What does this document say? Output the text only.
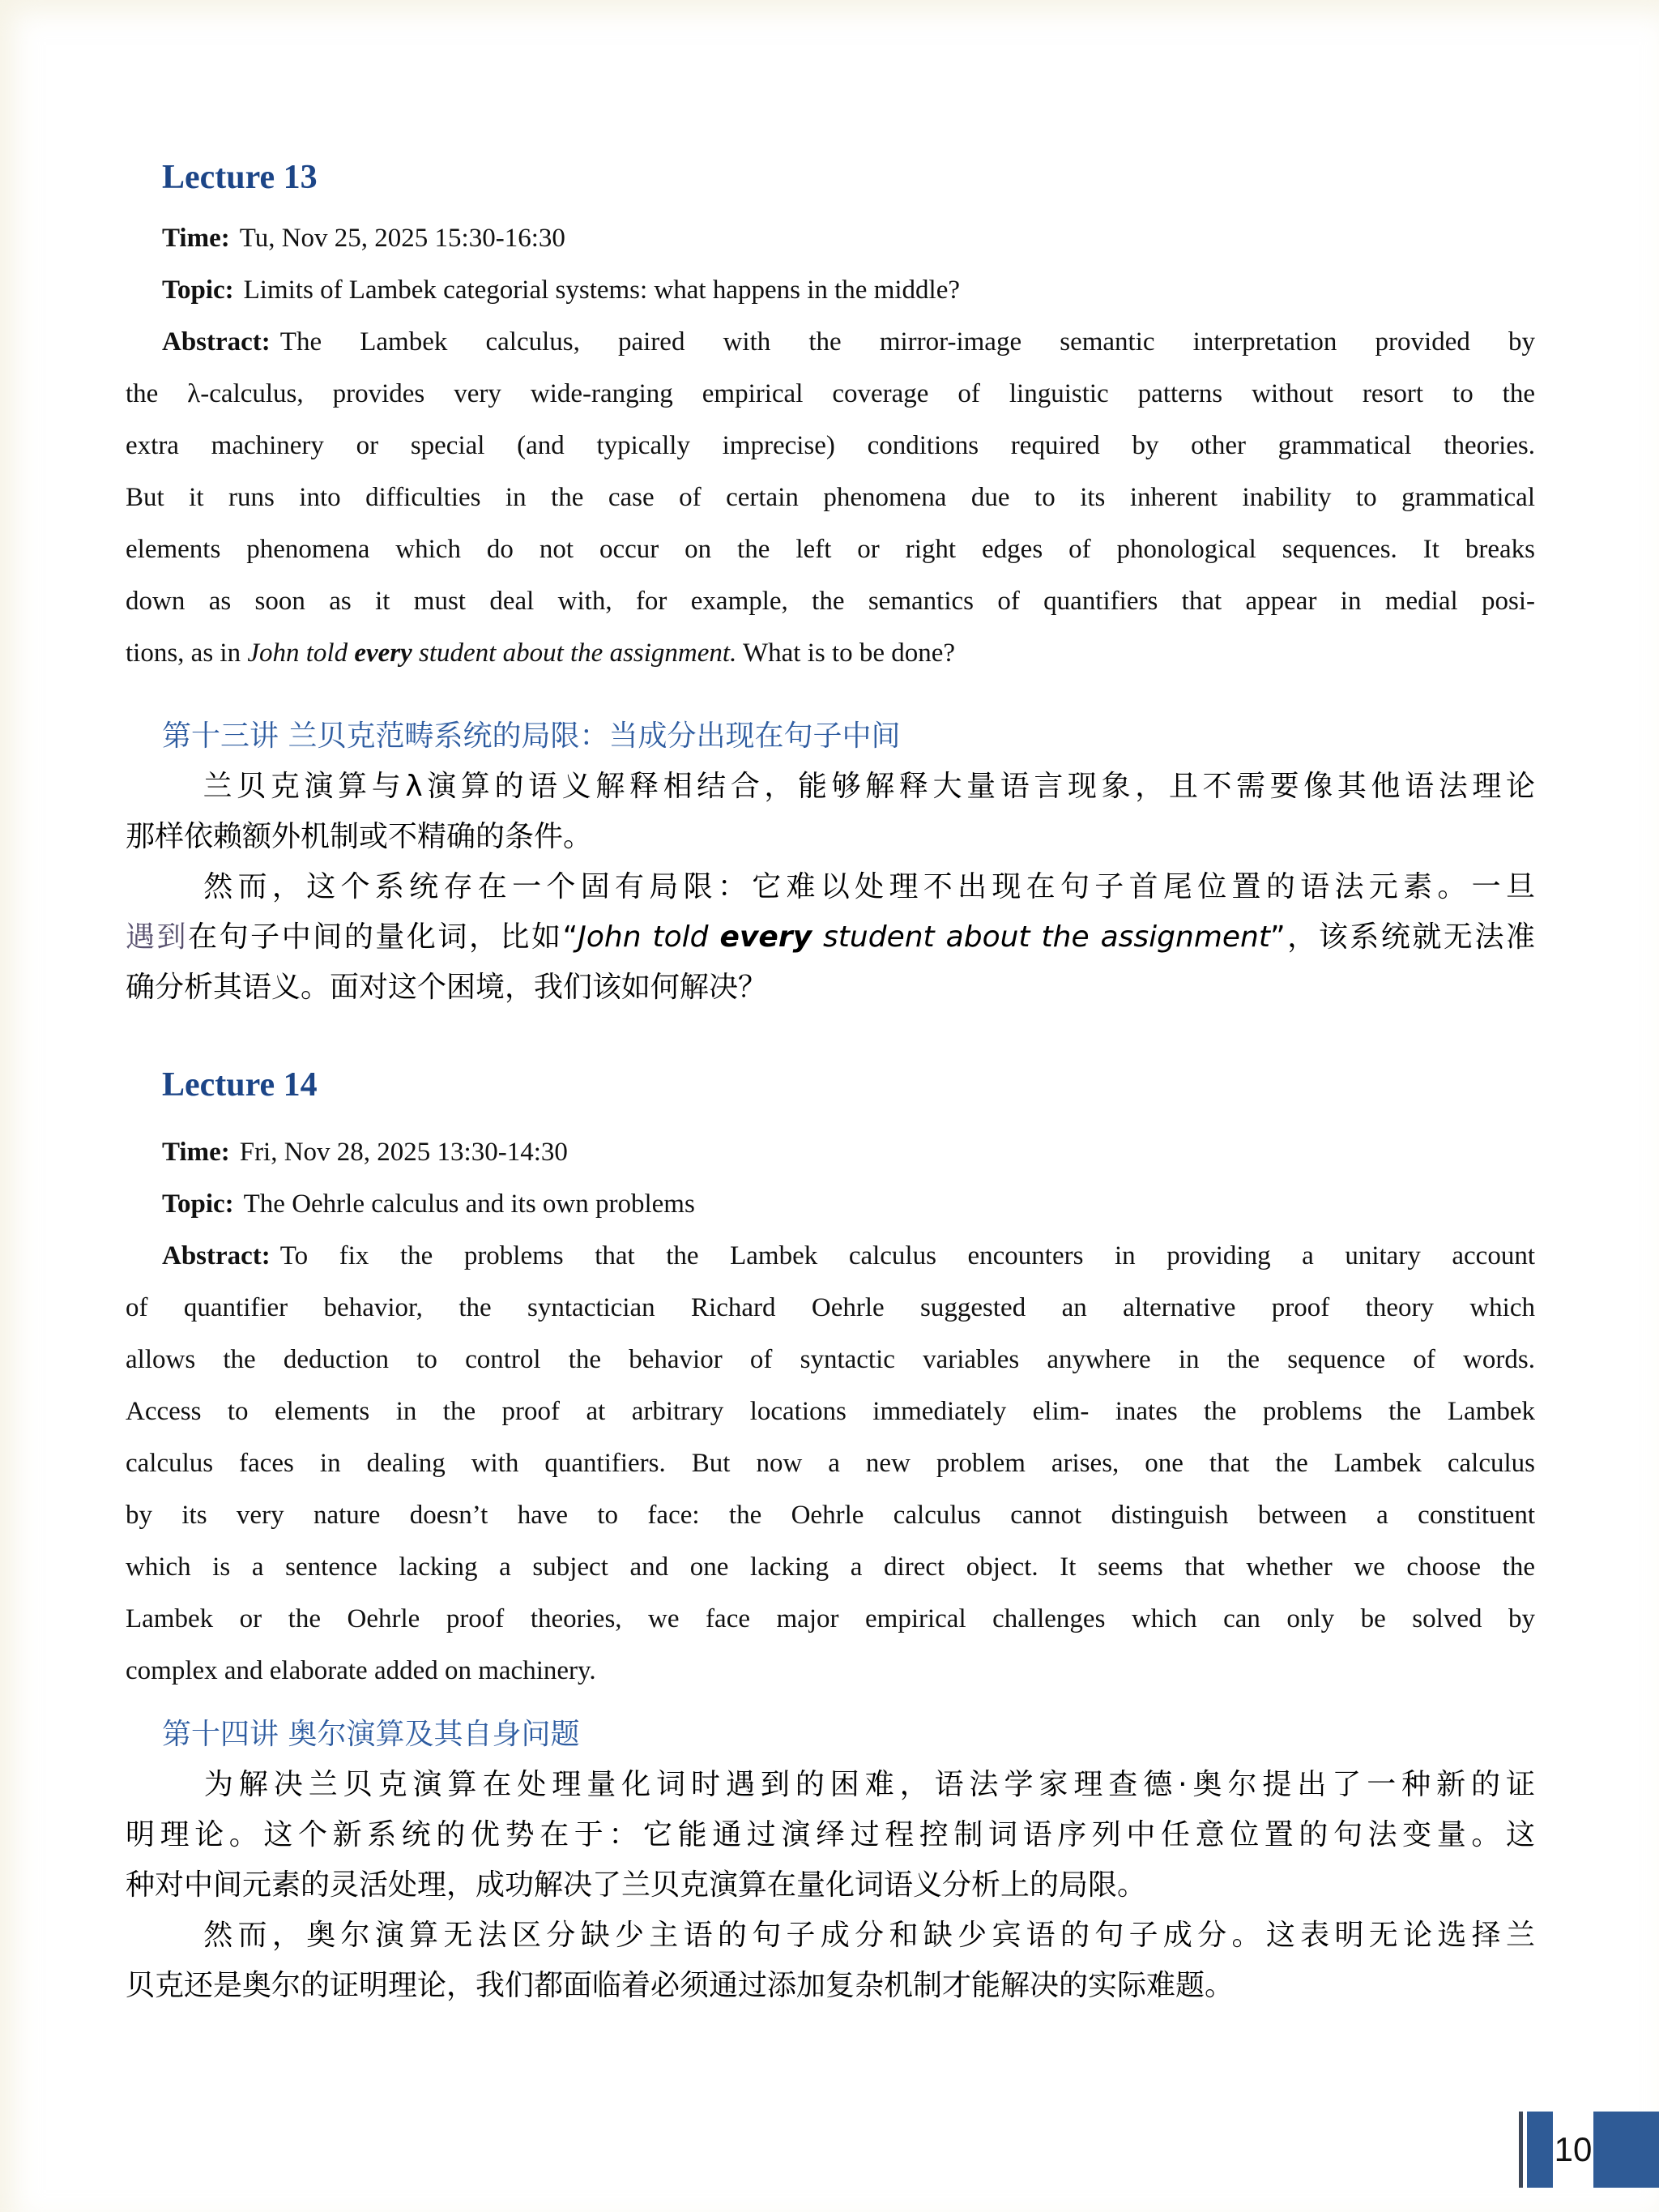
Lecture 13
Time: Tu, Nov 25, 2025 15:30-16:30
Topic: Limits of Lambek categorial systems: what happens in the middle?
Abstract: The Lambek calculus, paired with the mirror-image semantic interpretation provided by
the λ-calculus, provides very wide-ranging empirical coverage of linguistic patterns without resort to the
extra machinery or special (and typically imprecise) conditions required by other grammatical theories.
But it runs into difficulties in the case of certain phenomena due to its inherent inability to grammatical
elements phenomena which do not occur on the left or right edges of phonological sequences. It breaks
down as soon as it must deal with, for example, the semantics of quantifiers that appear in medial posi-
tions, as in John told every student about the assignment. What is to be done?
第十三讲 兰贝克范畴系统的局限：当成分出现在句子中间
兰贝克演算与λ演算的语义解释相结合，能够解释大量语言现象，且不需要像其他语法理论
那样依赖额外机制或不精确的条件。
然而，这个系统存在一个固有局限：它难以处理不出现在句子首尾位置的语法元素。一旦
遇到在句子中间的量化词，比如“John told every student about the assignment”，该系统就无法准
确分析其语义。面对这个困境，我们该如何解决？
Lecture 14
Time: Fri, Nov 28, 2025 13:30-14:30
Topic: The Oehrle calculus and its own problems
Abstract: To fix the problems that the Lambek calculus encounters in providing a unitary account
of quantifier behavior, the syntactician Richard Oehrle suggested an alternative proof theory which
allows the deduction to control the behavior of syntactic variables anywhere in the sequence of words.
Access to elements in the proof at arbitrary locations immediately elim- inates the problems the Lambek
calculus faces in dealing with quantifiers. But now a new problem arises, one that the Lambek calculus
by its very nature doesn’t have to face: the Oehrle calculus cannot distinguish between a constituent
which is a sentence lacking a subject and one lacking a direct object. It seems that whether we choose the
Lambek or the Oehrle proof theories, we face major empirical challenges which can only be solved by
complex and elaborate added on machinery.
第十四讲 奥尔演算及其自身问题
为解决兰贝克演算在处理量化词时遇到的困难，语法学家理查德·奥尔提出了一种新的证
明理论。这个新系统的优势在于：它能通过演绎过程控制词语序列中任意位置的句法变量。这
种对中间元素的灵活处理，成功解决了兰贝克演算在量化词语义分析上的局限。
然而，奥尔演算无法区分缺少主语的句子成分和缺少宾语的句子成分。这表明无论选择兰
贝克还是奥尔的证明理论，我们都面临着必须通过添加复杂机制才能解决的实际难题。
10
